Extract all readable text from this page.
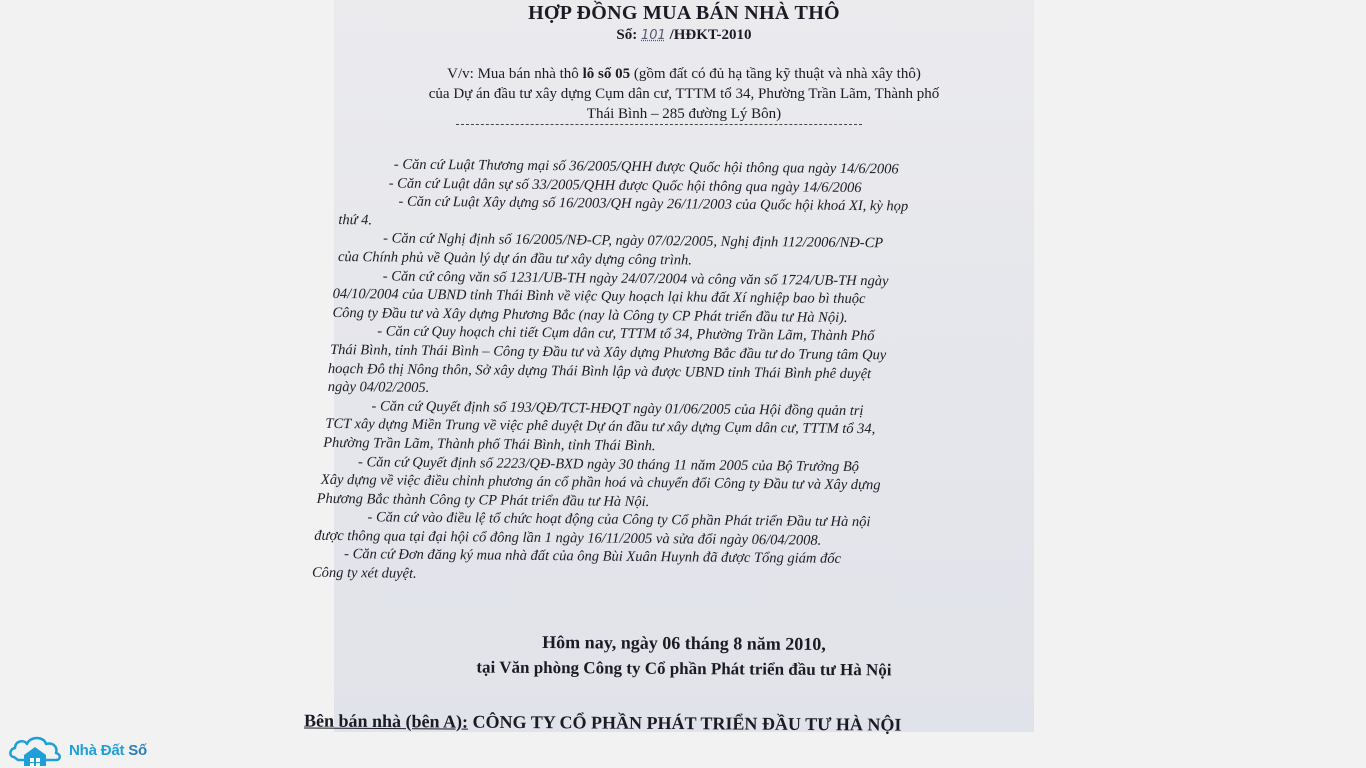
HỢP ĐỒNG MUA BÁN NHÀ THÔ
Số: 101 /HĐKT-2010
V/v: Mua bán nhà thô lô số 05 (gồm đất có đủ hạ tầng kỹ thuật và nhà xây thô)
của Dự án đầu tư xây dựng Cụm dân cư, TTTM tổ 34, Phường Trần Lãm, Thành phố
Thái Bình – 285 đường Lý Bôn)
- Căn cứ Luật Thương mại số 36/2005/QHH được Quốc hội thông qua ngày 14/6/2006
- Căn cứ Luật dân sự số 33/2005/QHH được Quốc hội thông qua ngày 14/6/2006
- Căn cứ Luật Xây dựng số 16/2003/QH ngày 26/11/2003 của Quốc hội khoá XI, kỳ họp
thứ 4.
- Căn cứ Nghị định số 16/2005/NĐ-CP, ngày 07/02/2005, Nghị định 112/2006/NĐ-CP
của Chính phủ về Quản lý dự án đầu tư xây dựng công trình.
- Căn cứ công văn số 1231/UB-TH ngày 24/07/2004 và công văn số 1724/UB-TH ngày
04/10/2004 của UBND tỉnh Thái Bình về việc Quy hoạch lại khu đất Xí nghiệp bao bì thuộc
Công ty Đầu tư và Xây dựng Phương Bắc (nay là Công ty CP Phát triển đầu tư Hà Nội).
- Căn cứ Quy hoạch chi tiết Cụm dân cư, TTTM tổ 34, Phường Trần Lãm, Thành Phố
Thái Bình, tỉnh Thái Bình – Công ty Đầu tư và Xây dựng Phương Bắc đầu tư do Trung tâm Quy
hoạch Đô thị Nông thôn, Sở xây dựng Thái Bình lập và được UBND tỉnh Thái Bình phê duyệt
ngày 04/02/2005.
- Căn cứ Quyết định số 193/QĐ/TCT-HĐQT ngày 01/06/2005 của Hội đồng quản trị
TCT xây dựng Miền Trung về việc phê duyệt Dự án đầu tư xây dựng Cụm dân cư, TTTM tổ 34,
Phường Trần Lãm, Thành phố Thái Bình, tỉnh Thái Bình.
- Căn cứ Quyết định số 2223/QĐ-BXD ngày 30 tháng 11 năm 2005 của Bộ Trưởng Bộ
Xây dựng về việc điều chỉnh phương án cổ phần hoá và chuyển đổi Công ty Đầu tư và Xây dựng
Phương Bắc thành Công ty CP Phát triển đầu tư Hà Nội.
- Căn cứ vào điều lệ tổ chức hoạt động của Công ty Cổ phần Phát triển Đầu tư Hà nội
được thông qua tại đại hội cổ đông lần 1 ngày 16/11/2005 và sửa đổi ngày 06/04/2008.
- Căn cứ Đơn đăng ký mua nhà đất của ông Bùi Xuân Huynh đã được Tổng giám đốc
Công ty xét duyệt.
Hôm nay, ngày 06 tháng 8 năm 2010,
tại Văn phòng Công ty Cổ phần Phát triển đầu tư Hà Nội
Bên bán nhà (bên A): CÔNG TY CỔ PHẦN PHÁT TRIỂN ĐẦU TƯ HÀ NỘI
Nhà Đất Số
